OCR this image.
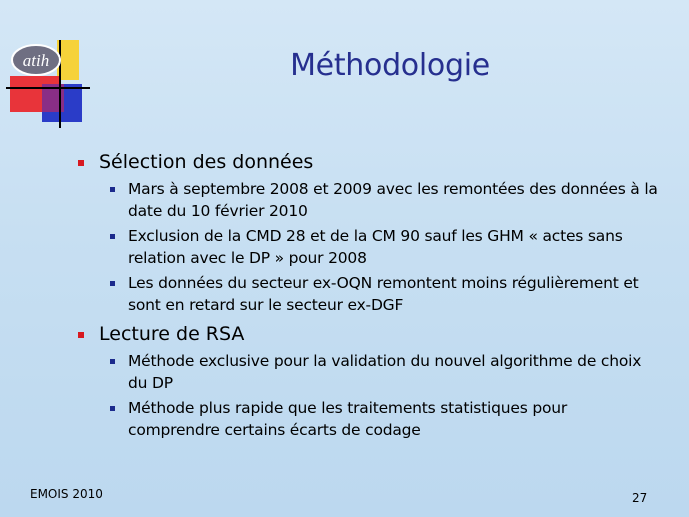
atih	Méthodologie
Sélection des données
Mars à septembre 2008 et 2009 avec les remontées des données à la date du 10 février 2010
Exclusion de la CMD 28 et de la CM 90 sauf les GHM « actes sans relation avec le DP » pour 2008
Les données du secteur ex-OQN remontent moins régulièrement et sont en retard sur le secteur ex-DGF
Lecture de RSA
Méthode exclusive pour la validation du nouvel algorithme de choix du DP
Méthode plus rapide que les traitements statistiques pour comprendre certains écarts de codage
EMOIS 2010	27
